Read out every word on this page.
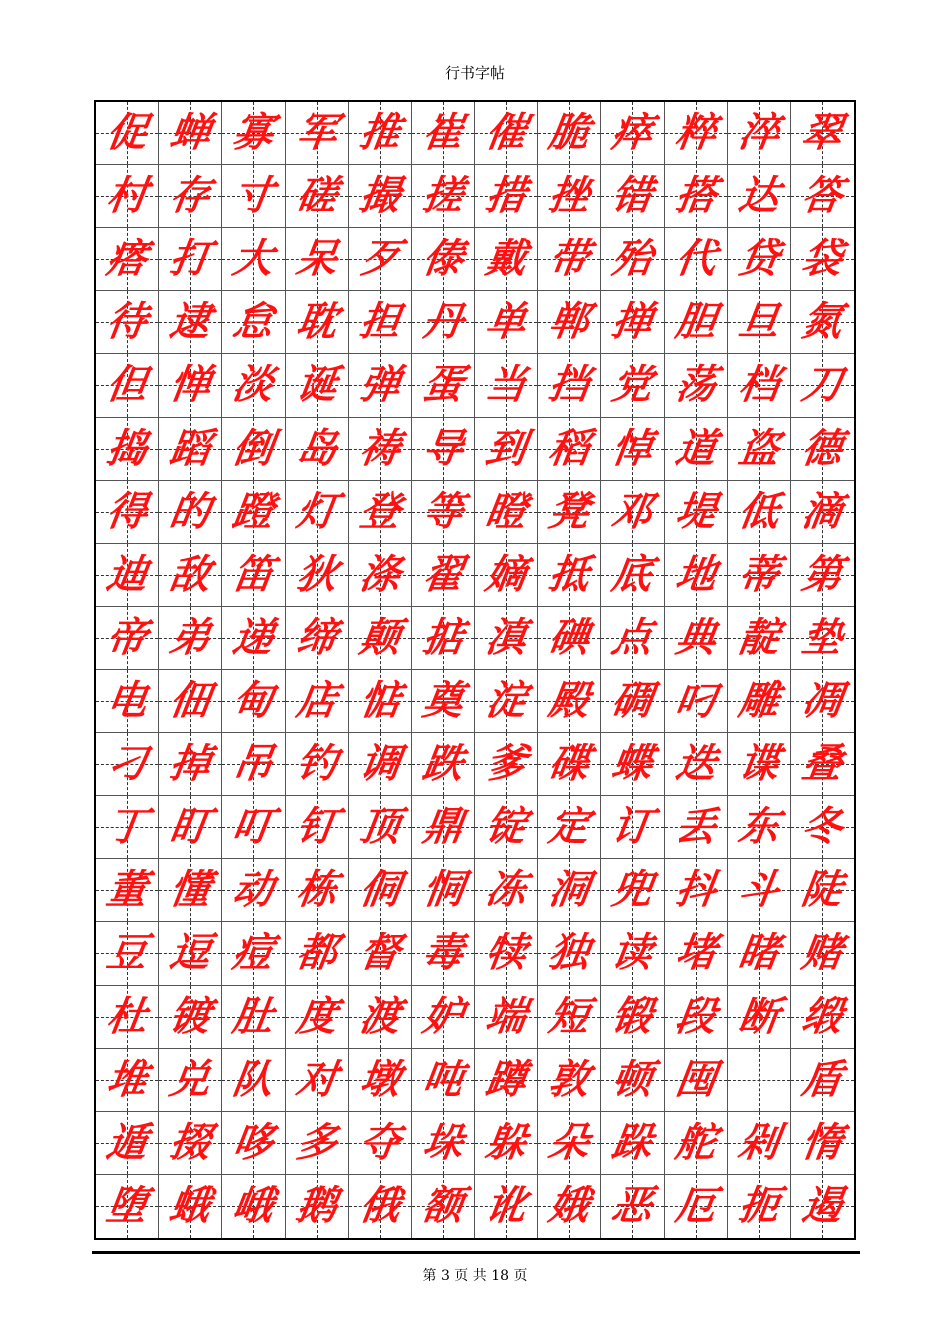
行书字帖
促 蝉 寡 军 推 崔 催 脆 瘁 粹 淬 翠
村 存 寸 磋 撮 搓 措 挫 错 搭 达 答
瘩 打 大 呆 歹 傣 戴 带 殆 代 贷 袋
待 逮 怠 耽 担 丹 单 郸 掸 胆 旦 氮
但 惮 淡 诞 弹 蛋 当 挡 党 荡 档 刀
捣 蹈 倒 岛 祷 导 到 稻 悼 道 盗 德
得 的 蹬 灯 登 等 瞪 凳 邓 堤 低 滴
迪 敌 笛 狄 涤 翟 嫡 抵 底 地 蒂 第
帝 弟 递 缔 颠 掂 滇 碘 点 典 靛 垫
电 佃 甸 店 惦 奠 淀 殿 碉 叼 雕 凋
刁 掉 吊 钓 调 跌 爹 碟 蝶 迭 谍 叠
丁 盯 叮 钉 顶 鼎 锭 定 订 丢 东 冬
董 懂 动 栋 侗 恫 冻 洞 兜 抖 斗 陡
豆 逗 痘 都 督 毒 犊 独 读 堵 睹 赌
杜 镀 肚 度 渡 妒 端 短 锻 段 断 缎
堆 兑 队 对 墩 吨 蹲 敦 顿 囤 盾
遁 掇 哆 多 夺 垛 躲 朵 跺 舵 剁 惰
堕 蛾 峨 鹅 俄 额 讹 娥 恶 厄 扼 遏
第 3 页 共 18 页
